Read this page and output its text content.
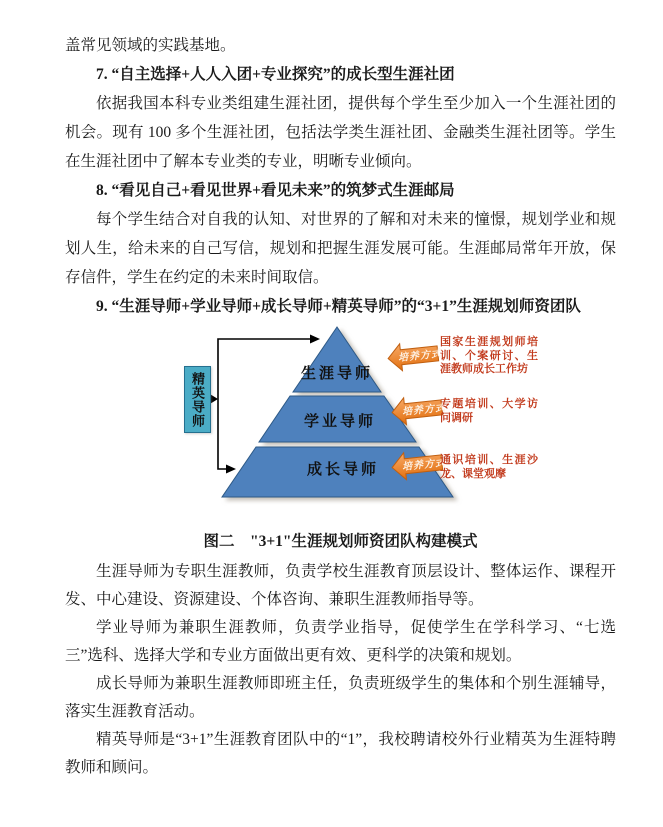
盖常见领域的实践基地。

7. “自主选择+人人入团+专业探究”的成长型生涯社团

依据我国本科专业类组建生涯社团，提供每个学生至少加入一个生涯社团的机会。现有 100 多个生涯社团，包括法学类生涯社团、金融类生涯社团等。学生在生涯社团中了解本专业类的专业，明晰专业倾向。

8. “看见自己+看见世界+看见未来”的筑梦式生涯邮局

每个学生结合对自我的认知、对世界的了解和对未来的憧憬，规划学业和规划人生，给未来的自己写信，规划和把握生涯发展可能。生涯邮局常年开放，保存信件，学生在约定的未来时间取信。

9. “生涯导师+学业导师+成长导师+精英导师”的“3+1”生涯规划师资团队

生涯导师
学业导师
成长导师
培养方式
培养方式
培养方式
精英导师
国家生涯规划师培训、个案研讨、生涯教师成长工作坊
专题培训、大学访问调研
通识培训、生涯沙龙、课堂观摩

图二　"3+1"生涯规划师资团队构建模式

生涯导师为专职生涯教师，负责学校生涯教育顶层设计、整体运作、课程开发、中心建设、资源建设、个体咨询、兼职生涯教师指导等。

学业导师为兼职生涯教师，负责学业指导，促使学生在学科学习、“七选三”选科、选择大学和专业方面做出更有效、更科学的决策和规划。

成长导师为兼职生涯教师即班主任，负责班级学生的集体和个别生涯辅导，落实生涯教育活动。

精英导师是“3+1”生涯教育团队中的“1”，我校聘请校外行业精英为生涯特聘教师和顾问。
